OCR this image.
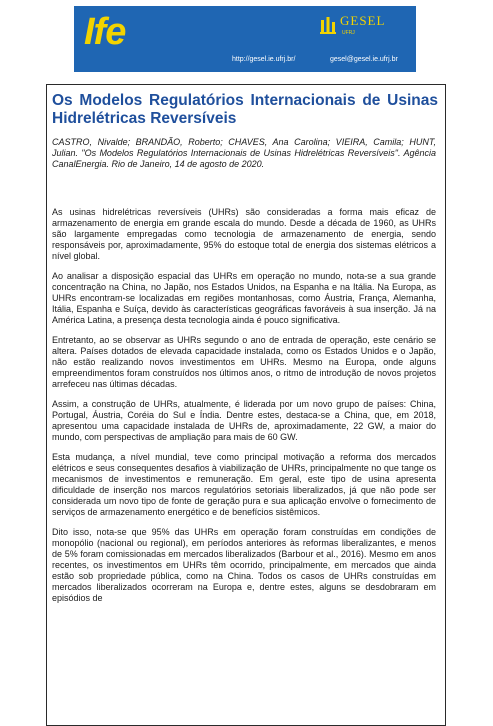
Ife	GESEL
UFRJ
http://gesel.ie.ufrj.br/	gesel@gesel.ie.ufrj.br
Os Modelos Regulatórios Internacionais de Usinas Hidrelétricas Reversíveis

CASTRO, Nivalde; BRANDÃO, Roberto; CHAVES, Ana Carolina; VIEIRA, Camila; HUNT, Julian. "Os Modelos Regulatórios Internacionais de Usinas Hidrelétricas Reversíveis". Agência CanalEnergia. Rio de Janeiro, 14 de agosto de 2020.

As usinas hidrelétricas reversíveis (UHRs) são consideradas a forma mais eficaz de armazenamento de energia em grande escala do mundo. Desde a década de 1960, as UHRs são largamente empregadas como tecnologia de armazenamento de energia, sendo responsáveis por, aproximadamente, 95% do estoque total de energia dos sistemas elétricos a nível global.

Ao analisar a disposição espacial das UHRs em operação no mundo, nota-se a sua grande concentração na China, no Japão, nos Estados Unidos, na Espanha e na Itália. Na Europa, as UHRs encontram-se localizadas em regiões montanhosas, como Áustria, França, Alemanha, Itália, Espanha e Suíça, devido às características geográficas favoráveis à sua inserção. Já na América Latina, a presença desta tecnologia ainda é pouco significativa.

Entretanto, ao se observar as UHRs segundo o ano de entrada de operação, este cenário se altera. Países dotados de elevada capacidade instalada, como os Estados Unidos e o Japão, não estão realizando novos investimentos em UHRs. Mesmo na Europa, onde alguns empreendimentos foram construídos nos últimos anos, o ritmo de introdução de novos projetos arrefeceu nas últimas décadas.

Assim, a construção de UHRs, atualmente, é liderada por um novo grupo de países: China, Portugal, Áustria, Coréia do Sul e Índia. Dentre estes, destaca-se a China, que, em 2018, apresentou uma capacidade instalada de UHRs de, aproximadamente, 22 GW, a maior do mundo, com perspectivas de ampliação para mais de 60 GW.

Esta mudança, a nível mundial, teve como principal motivação a reforma dos mercados elétricos e seus consequentes desafios à viabilização de UHRs, principalmente no que tange os mecanismos de investimentos e remuneração. Em geral, este tipo de usina apresenta dificuldade de inserção nos marcos regulatórios setoriais liberalizados, já que não pode ser considerada um novo tipo de fonte de geração pura e sua aplicação envolve o fornecimento de serviços de armazenamento energético e de benefícios sistêmicos.

Dito isso, nota-se que 95% das UHRs em operação foram construídas em condições de monopólio (nacional ou regional), em períodos anteriores às reformas liberalizantes, e menos de 5% foram comissionadas em mercados liberalizados (Barbour et al., 2016). Mesmo em anos recentes, os investimentos em UHRs têm ocorrido, principalmente, em mercados que ainda estão sob propriedade pública, como na China. Todos os casos de UHRs construídas em mercados liberalizados ocorreram na Europa e, dentre estes, alguns se desdobraram em episódios de
